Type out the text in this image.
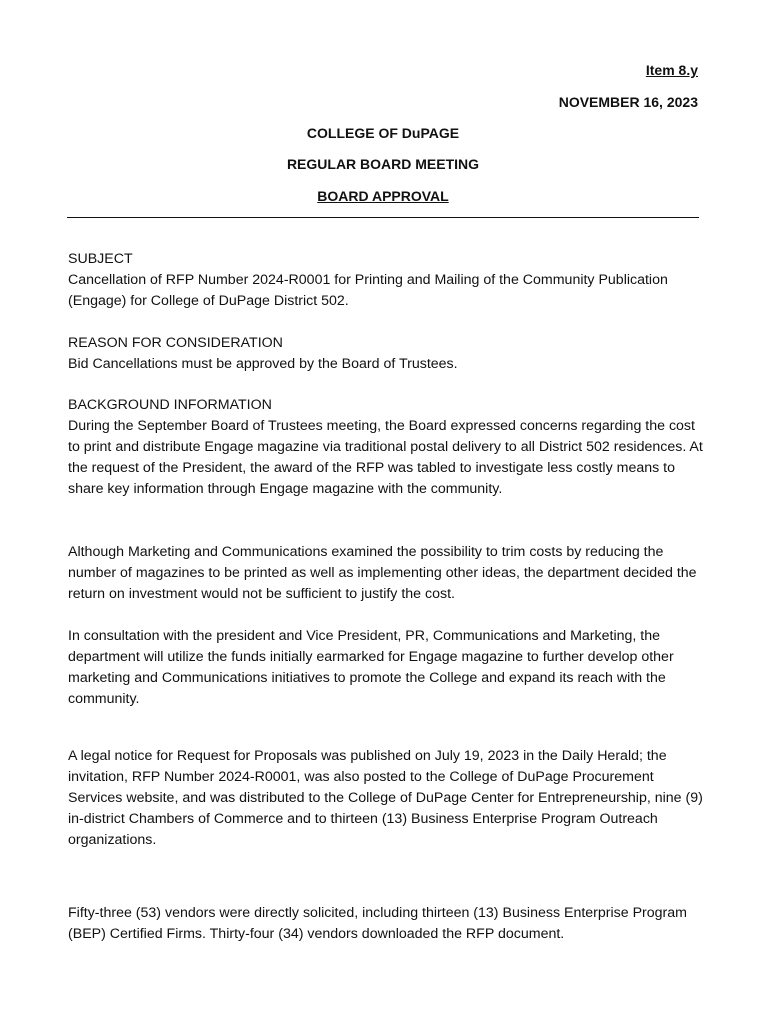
Item 8.y
NOVEMBER 16, 2023
COLLEGE OF DuPAGE
REGULAR BOARD MEETING
BOARD APPROVAL
SUBJECT
Cancellation of RFP Number 2024-R0001 for Printing and Mailing of the Community Publication (Engage) for College of DuPage District 502.
REASON FOR CONSIDERATION
Bid Cancellations must be approved by the Board of Trustees.
BACKGROUND INFORMATION
During the September Board of Trustees meeting, the Board expressed concerns regarding the cost to print and distribute Engage magazine via traditional postal delivery to all District 502 residences. At the request of the President, the award of the RFP was tabled to investigate less costly means to share key information through Engage magazine with the community.

Although Marketing and Communications examined the possibility to trim costs by reducing the number of magazines to be printed as well as implementing other ideas, the department decided the return on investment would not be sufficient to justify the cost.

In consultation with the president and Vice President, PR, Communications and Marketing, the department will utilize the funds initially earmarked for Engage magazine to further develop other marketing and Communications initiatives to promote the College and expand its reach with the community.

A legal notice for Request for Proposals was published on July 19, 2023 in the Daily Herald; the invitation, RFP Number 2024-R0001, was also posted to the College of DuPage Procurement Services website, and was distributed to the College of DuPage Center for Entrepreneurship, nine (9) in-district Chambers of Commerce and to thirteen (13) Business Enterprise Program Outreach organizations.

Fifty-three (53) vendors were directly solicited, including thirteen (13) Business Enterprise Program (BEP) Certified Firms. Thirty-four (34) vendors downloaded the RFP document.
